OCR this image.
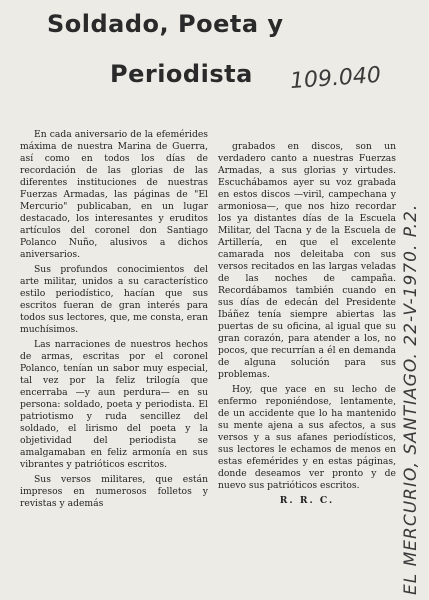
Soldado, Poeta y
Periodista 109.040

En cada aniversario de la efemérides máxima de nuestra Marina de Guerra, así como en todos los días de recordación de las glorias de las diferentes instituciones de nuestras Fuerzas Armadas, las páginas de "El Mercurio" publicaban, en un lugar destacado, los interesantes y eruditos artículos del coronel don Santiago Polanco Nuño, alusivos a dichos aniversarios.

Sus profundos conocimientos del arte militar, unidos a su característico estilo periodístico, hacían que sus escritos fueran de gran interés para todos sus lectores, que, me consta, eran muchísimos.

Las narraciones de nuestros hechos de armas, escritas por el coronel Polanco, tenían un sabor muy especial, tal vez por la feliz trilogía que encerraba —y aun perdura— en su persona: soldado, poeta y periodista. El patriotismo y ruda sencillez del soldado, el lirismo del poeta y la objetividad del periodista se amalgamaban en feliz armonía en sus vibrantes y patrióticos escritos.

Sus versos militares, que están impresos en numerosos folletos y revistas y además

grabados en discos, son un verdadero canto a nuestras Fuerzas Armadas, a sus glorias y virtudes. Escuchábamos ayer su voz grabada en estos discos —viril, campechana y armoniosa—, que nos hizo recordar los ya distantes días de la Escuela Militar, del Tacna y de la Escuela de Artillería, en que el excelente camarada nos deleitaba con sus versos recitados en las largas veladas de las noches de campaña. Recordábamos también cuando en sus días de edecán del Presidente Ibáñez tenía siempre abiertas las puertas de su oficina, al igual que su gran corazón, para atender a los, no pocos, que recurrían a él en demanda de alguna solución para sus problemas.

Hoy, que yace en su lecho de enfermo reponiéndose, lentamente, de un accidente que lo ha mantenido su mente ajena a sus afectos, a sus versos y a sus afanes periodísticos, sus lectores le echamos de menos en estas efemérides y en estas páginas, donde deseamos ver pronto y de nuevo sus patrióticos escritos.

R. R. C.	EL MERCURIO, SANTIAGO. 22-V-1970. P.2.
